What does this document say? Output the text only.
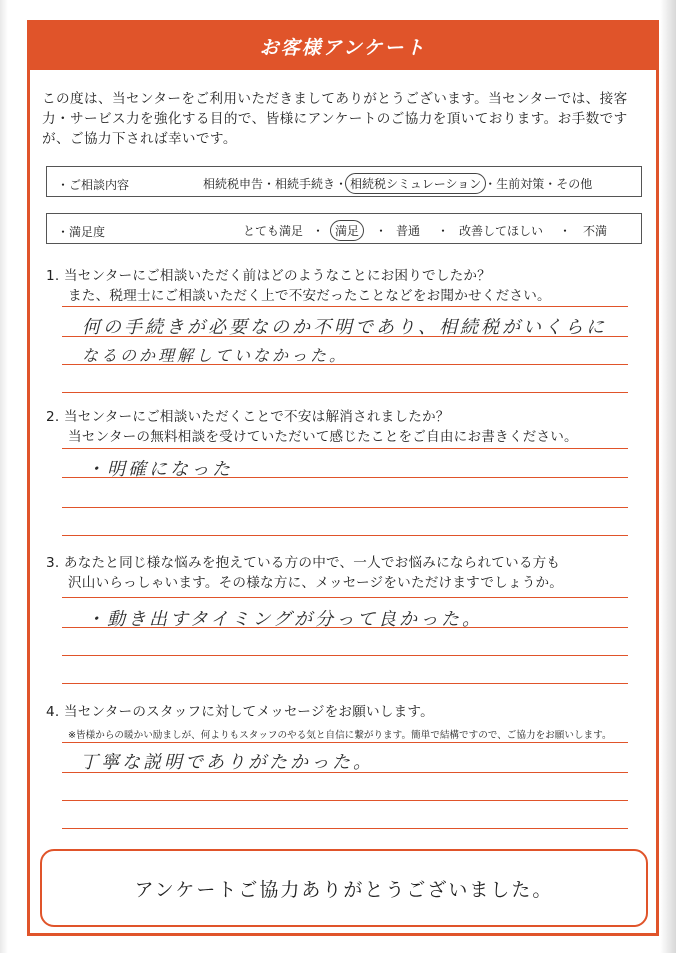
お客様アンケート
この度は、当センターをご利用いただきましてありがとうございます。当センターでは、接客力・サービス力を強化する目的で、皆様にアンケートのご協力を頂いております。お手数ですが、ご協力下されば幸いです。
・ご相談内容	相続税申告・相続手続き・ 相続税シミュレーション ・生前対策・その他
・満足度	とても満足 ・ 満足	・ 普通 ・ 改善してほしい ・ 不満
1. 当センターにご相談いただく前はどのようなことにお困りでしたか？
また、税理士にご相談いただく上で不安だったことなどをお聞かせください。
何の手続きが必要なのか不明であり、相続税がいくらに
なるのか理解していなかった。
2. 当センターにご相談いただくことで不安は解消されましたか？
当センターの無料相談を受けていただいて感じたことをご自由にお書きください。
・明確になった
3. あなたと同じ様な悩みを抱えている方の中で、一人でお悩みになられている方も
沢山いらっしゃいます。その様な方に、メッセージをいただけますでしょうか。
・動き出すタイミングが分って良かった。
4. 当センターのスタッフに対してメッセージをお願いします。
※皆様からの暖かい励ましが、何よりもスタッフのやる気と自信に繋がります。簡単で結構ですので、ご協力をお願いします。
丁寧な説明でありがたかった。
アンケートご協力ありがとうございました。
